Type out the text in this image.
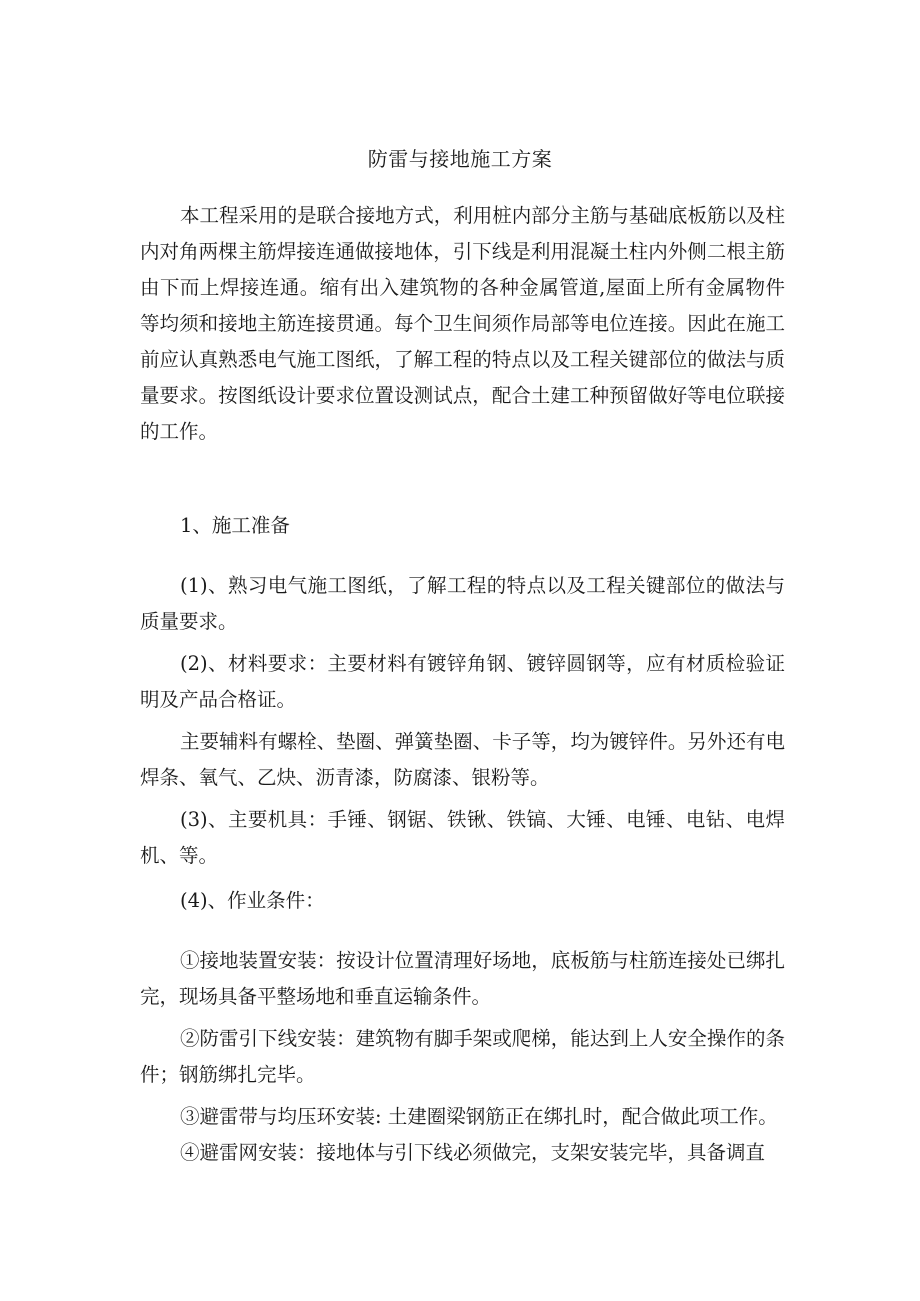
防雷与接地施工方案

本工程采用的是联合接地方式，利用桩内部分主筋与基础底板筋以及柱内对角两棵主筋焊接连通做接地体，引下线是利用混凝土柱内外侧二根主筋由下而上焊接连通。缩有出入建筑物的各种金属管道,屋面上所有金属物件等均须和接地主筋连接贯通。每个卫生间须作局部等电位连接。因此在施工前应认真熟悉电气施工图纸，了解工程的特点以及工程关键部位的做法与质量要求。按图纸设计要求位置设测试点，配合土建工种预留做好等电位联接的工作。

1、施工准备

(1)、熟习电气施工图纸，了解工程的特点以及工程关键部位的做法与质量要求。

(2)、材料要求：主要材料有镀锌角钢、镀锌圆钢等，应有材质检验证明及产品合格证。

主要辅料有螺栓、垫圈、弹簧垫圈、卡子等，均为镀锌件。另外还有电焊条、氧气、乙炔、沥青漆，防腐漆、银粉等。

(3)、主要机具：手锤、钢锯、铁锹、铁镐、大锤、电锤、电钻、电焊机、等。

(4)、作业条件：

①接地装置安装：按设计位置清理好场地，底板筋与柱筋连接处已绑扎完，现场具备平整场地和垂直运输条件。

②防雷引下线安装：建筑物有脚手架或爬梯，能达到上人安全操作的条件；钢筋绑扎完毕。

③避雷带与均压环安装: 土建圈梁钢筋正在绑扎时，配合做此项工作。

④避雷网安装：接地体与引下线必须做完，支架安装完毕，具备调直
